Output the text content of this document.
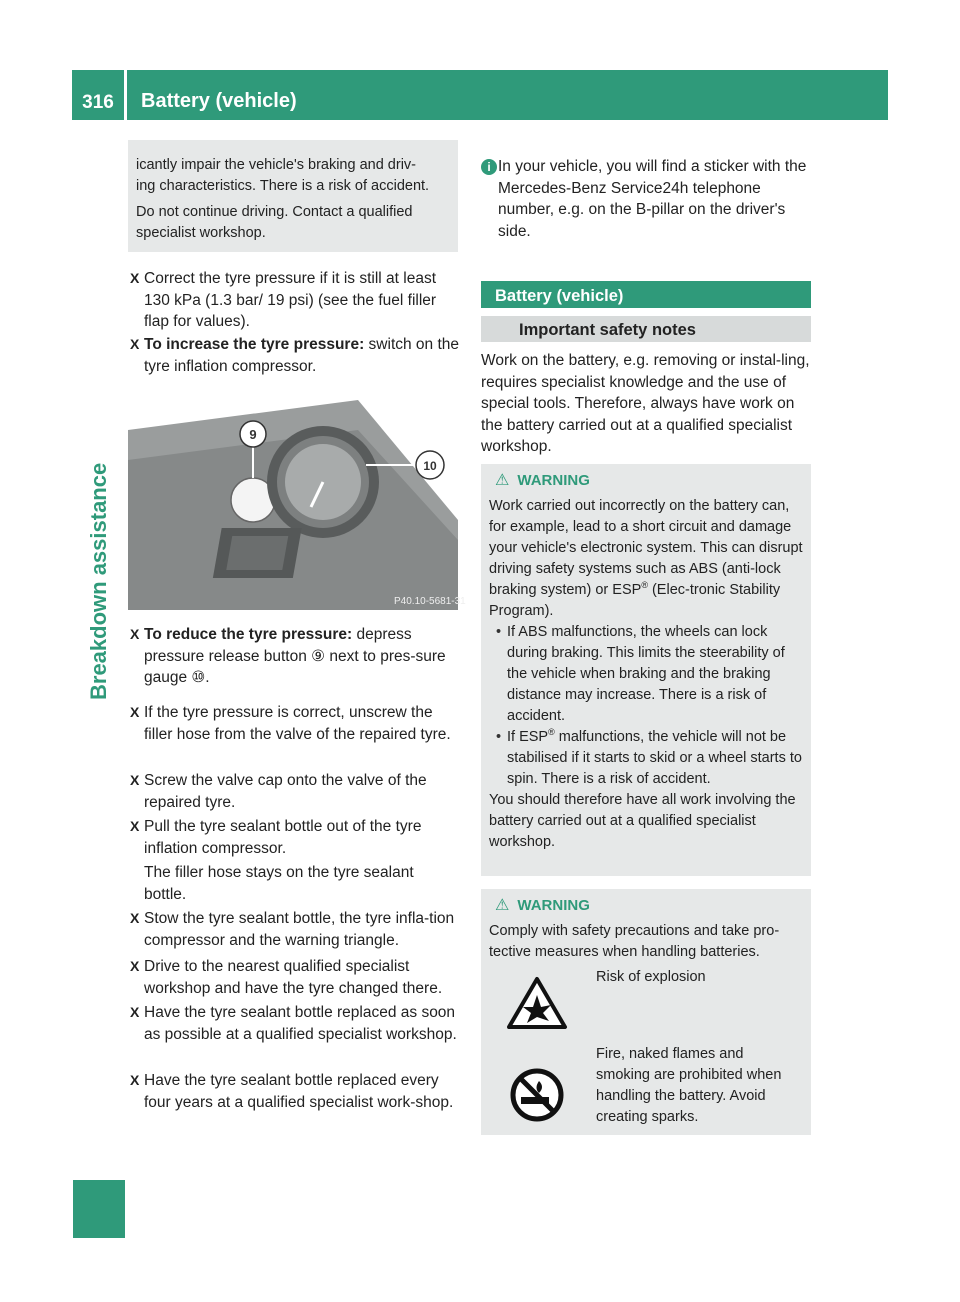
316	Battery (vehicle)
Breakdown assistance
icantly impair the vehicle's braking and driv-
ing characteristics. There is a risk of accident.
Do not continue driving. Contact a qualified
specialist workshop.
X Correct the tyre pressure if it is still at least 130 kPa (1.3 bar/ 19 psi) (see the fuel filler flap for values).
X To increase the tyre pressure: switch on the tyre inflation compressor.
9
10
P40.10-5681-31
X To reduce the tyre pressure: depress pressure release button ⑨ next to pres-sure gauge ⑩.
X If the tyre pressure is correct, unscrew the filler hose from the valve of the repaired tyre.
X Screw the valve cap onto the valve of the repaired tyre.
X Pull the tyre sealant bottle out of the tyre inflation compressor.
The filler hose stays on the tyre sealant bottle.
X Stow the tyre sealant bottle, the tyre infla-tion compressor and the warning triangle.
X Drive to the nearest qualified specialist workshop and have the tyre changed there.
X Have the tyre sealant bottle replaced as soon as possible at a qualified specialist workshop.
X Have the tyre sealant bottle replaced every four years at a qualified specialist work-shop.
i In your vehicle, you will find a sticker with the Mercedes-Benz Service24h telephone number, e.g. on the B-pillar on the driver's side.
Battery (vehicle)
Important safety notes
Work on the battery, e.g. removing or instal-ling, requires specialist knowledge and the use of special tools. Therefore, always have work on the battery carried out at a qualified specialist workshop.
⚠ WARNING
Work carried out incorrectly on the battery can, for example, lead to a short circuit and damage your vehicle's electronic system. This can disrupt driving safety systems such as ABS (anti-lock braking system) or ESP® (Elec-tronic Stability Program).
• If ABS malfunctions, the wheels can lock during braking. This limits the steerability of the vehicle when braking and the braking distance may increase. There is a risk of accident.
• If ESP® malfunctions, the vehicle will not be stabilised if it starts to skid or a wheel starts to spin. There is a risk of accident.
You should therefore have all work involving the battery carried out at a qualified specialist workshop.
⚠ WARNING
Comply with safety precautions and take pro-tective measures when handling batteries.
Risk of explosion
Fire, naked flames and smoking are prohibited when handling the battery. Avoid creating sparks.
